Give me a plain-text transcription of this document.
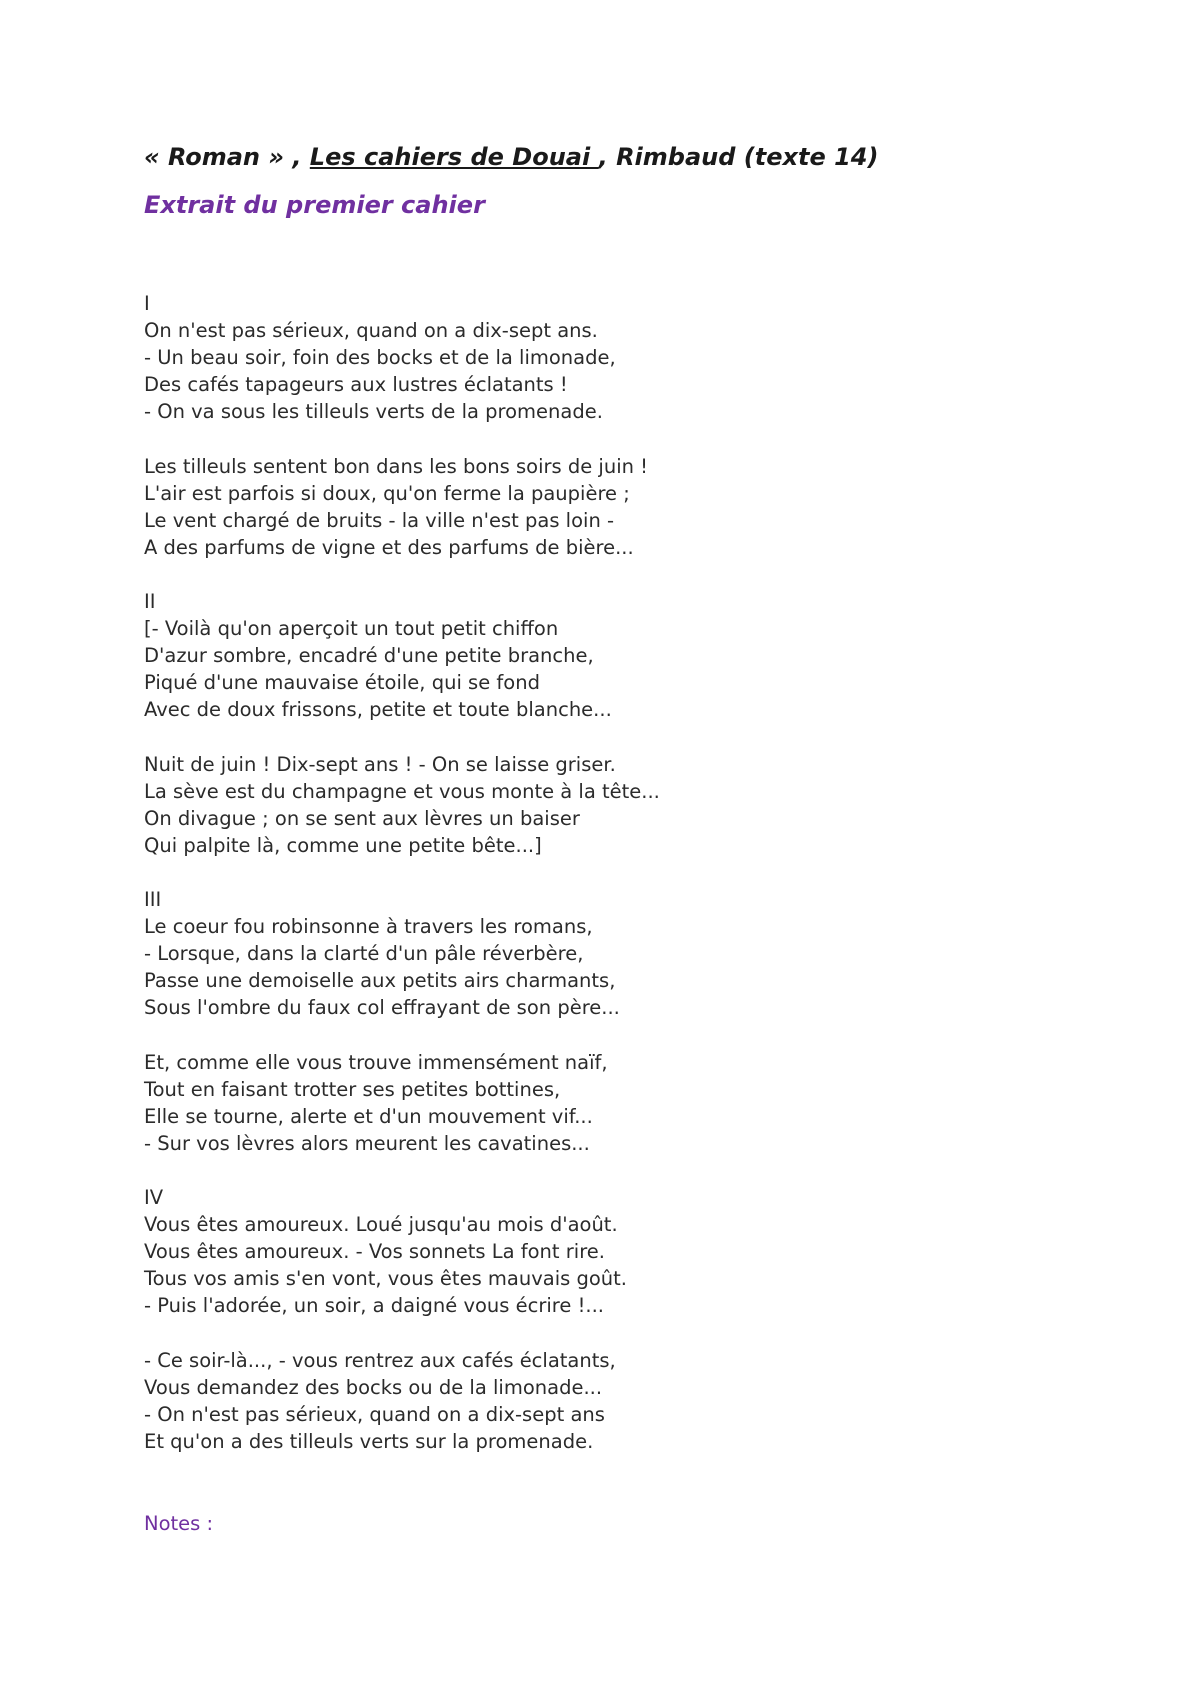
« Roman » , Les cahiers de Douai , Rimbaud (texte 14)
Extrait du premier cahier
I
On n'est pas sérieux, quand on a dix-sept ans.
- Un beau soir, foin des bocks et de la limonade,
Des cafés tapageurs aux lustres éclatants !
- On va sous les tilleuls verts de la promenade.
Les tilleuls sentent bon dans les bons soirs de juin !
L'air est parfois si doux, qu'on ferme la paupière ;
Le vent chargé de bruits - la ville n'est pas loin -
A des parfums de vigne et des parfums de bière...
II
[- Voilà qu'on aperçoit un tout petit chiffon
D'azur sombre, encadré d'une petite branche,
Piqué d'une mauvaise étoile, qui se fond
Avec de doux frissons, petite et toute blanche...
Nuit de juin ! Dix-sept ans ! - On se laisse griser.
La sève est du champagne et vous monte à la tête...
On divague ; on se sent aux lèvres un baiser
Qui palpite là, comme une petite bête...]
III
Le coeur fou robinsonne à travers les romans,
- Lorsque, dans la clarté d'un pâle réverbère,
Passe une demoiselle aux petits airs charmants,
Sous l'ombre du faux col effrayant de son père...
Et, comme elle vous trouve immensément naïf,
Tout en faisant trotter ses petites bottines,
Elle se tourne, alerte et d'un mouvement vif...
- Sur vos lèvres alors meurent les cavatines...
IV
Vous êtes amoureux. Loué jusqu'au mois d'août.
Vous êtes amoureux. - Vos sonnets La font rire.
Tous vos amis s'en vont, vous êtes mauvais goût.
- Puis l'adorée, un soir, a daigné vous écrire !...
- Ce soir-là..., - vous rentrez aux cafés éclatants,
Vous demandez des bocks ou de la limonade...
- On n'est pas sérieux, quand on a dix-sept ans
Et qu'on a des tilleuls verts sur la promenade.
Notes :
